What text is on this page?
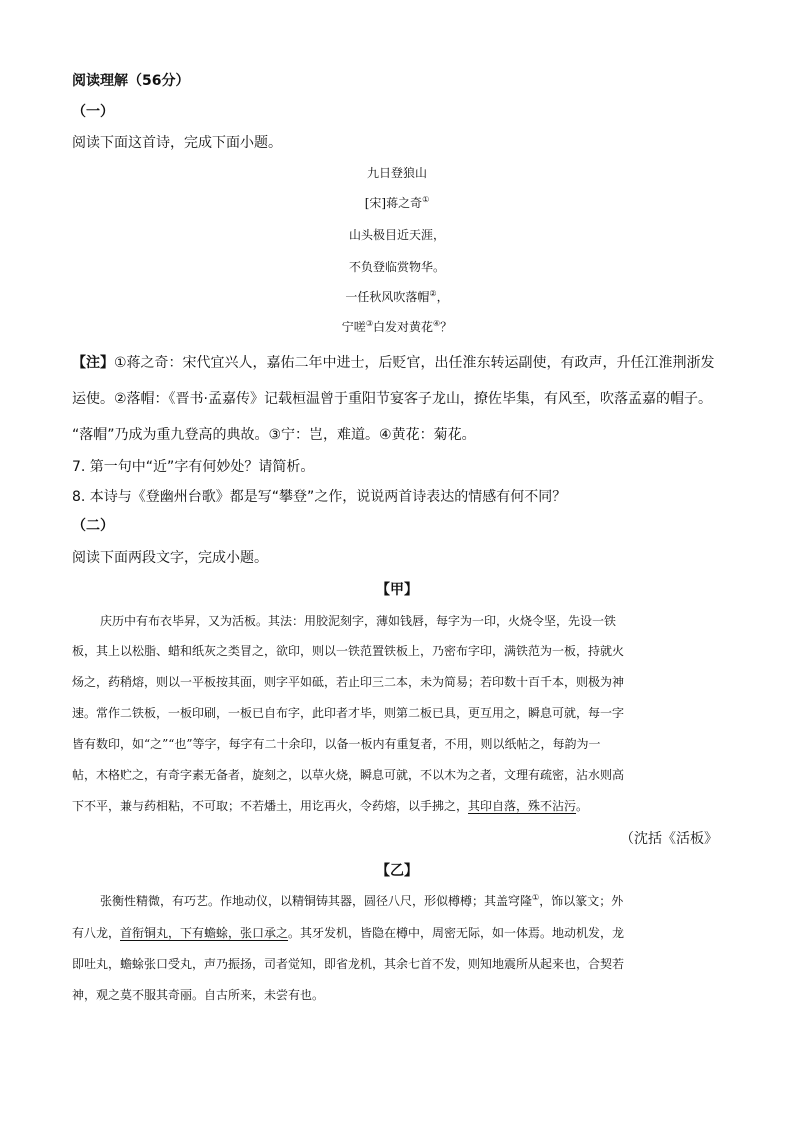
阅读理解（56分）
（一）
阅读下面这首诗，完成下面小题。
九日登狼山
[宋]蒋之奇①
山头极目近天涯，
不负登临赏物华。
一任秋风吹落帽②，
宁嗟③白发对黄花④？
【注】①蒋之奇：宋代宜兴人，嘉佑二年中进士，后贬官，出任淮东转运副使，有政声，升任江淮荆浙发
运使。②落帽：《晋书·孟嘉传》记载桓温曾于重阳节宴客子龙山，撩佐毕集，有风至，吹落孟嘉的帽子。
“落帽”乃成为重九登高的典故。③宁：岂，难道。④黄花：菊花。
7. 第一句中“近”字有何妙处？请简析。
8. 本诗与《登幽州台歌》都是写“攀登”之作，说说两首诗表达的情感有何不同？
（二）
阅读下面两段文字，完成小题。
【甲】
庆历中有布衣毕昇，又为活板。其法：用胶泥刻字，薄如钱唇，每字为一印，火烧令坚，先设一铁
板，其上以松脂、蜡和纸灰之类冒之，欲印，则以一铁范置铁板上，乃密布字印，满铁范为一板，持就火
炀之，药稍熔，则以一平板按其面，则字平如砥，若止印三二本，未为简易；若印数十百千本，则极为神
速。常作二铁板，一板印刷，一板已自布字，此印者才毕，则第二板已具，更互用之，瞬息可就，每一字
皆有数印，如“之”“也”等字，每字有二十余印，以备一板内有重复者，不用，则以纸帖之，每韵为一
帖，木格贮之，有奇字素无备者，旋刻之，以草火烧，瞬息可就，不以木为之者，文理有疏密，沾水则高
下不平，兼与药相粘，不可取；不若燔土，用讫再火，令药熔，以手拂之，其印自落，殊不沾污。
（沈括《活板》
【乙】
张衡性精微，有巧艺。作地动仪，以精铜铸其器，圆径八尺，形似樽樽；其盖穹隆①，饰以篆文；外
有八龙，首衔铜丸，下有蟾蜍，张口承之。其牙发机，皆隐在樽中，周密无际，如一体焉。地动机发，龙
即吐丸，蟾蜍张口受丸，声乃振扬，司者觉知，即省龙机，其余七首不发，则知地震所从起来也，合契若
神，观之莫不服其奇丽。自古所来，未尝有也。
